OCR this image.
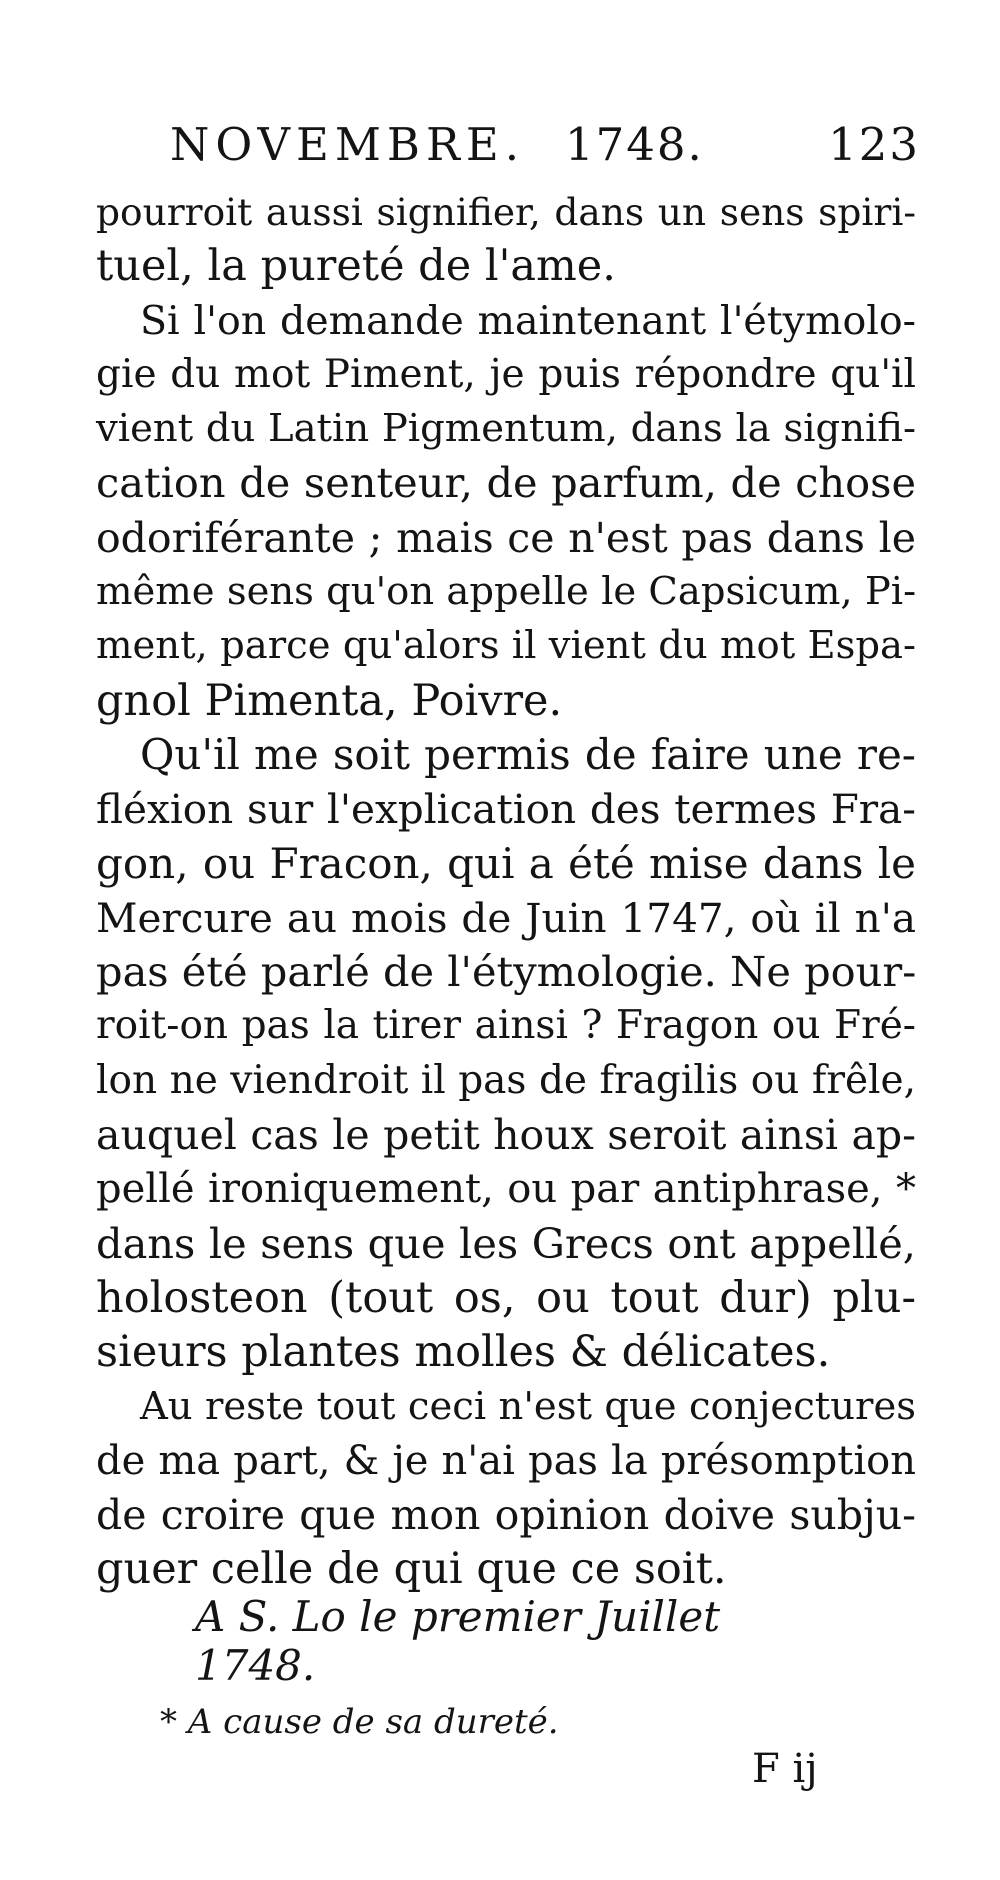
NOVEMBRE. 1748.	123

pourroit aussi signifier, dans un sens spiri-
tuel, la pureté de l'ame.

Si l'on demande maintenant l'étymolo-
gie du mot Piment, je puis répondre qu'il
vient du Latin Pigmentum, dans la signifi-
cation de senteur, de parfum, de chose
odoriférante ; mais ce n'est pas dans le
même sens qu'on appelle le Capsicum, Pi-
ment, parce qu'alors il vient du mot Espa-
gnol Pimenta, Poivre.

Qu'il me soit permis de faire une re-
fléxion sur l'explication des termes Fra-
gon, ou Fracon, qui a été mise dans le
Mercure au mois de Juin 1747, où il n'a
pas été parlé de l'étymologie. Ne pour-
roit-on pas la tirer ainsi ? Fragon ou Fré-
lon ne viendroit il pas de fragilis ou frêle,
auquel cas le petit houx seroit ainsi ap-
pellé ironiquement, ou par antiphrase, *
dans le sens que les Grecs ont appellé,
holosteon (tout os, ou tout dur) plu-
sieurs plantes molles & délicates.

Au reste tout ceci n'est que conjectures
de ma part, & je n'ai pas la présomption
de croire que mon opinion doive subju-
guer celle de qui que ce soit.

A S. Lo le premier Juillet 1748.
* A cause de sa dureté.
F ij
